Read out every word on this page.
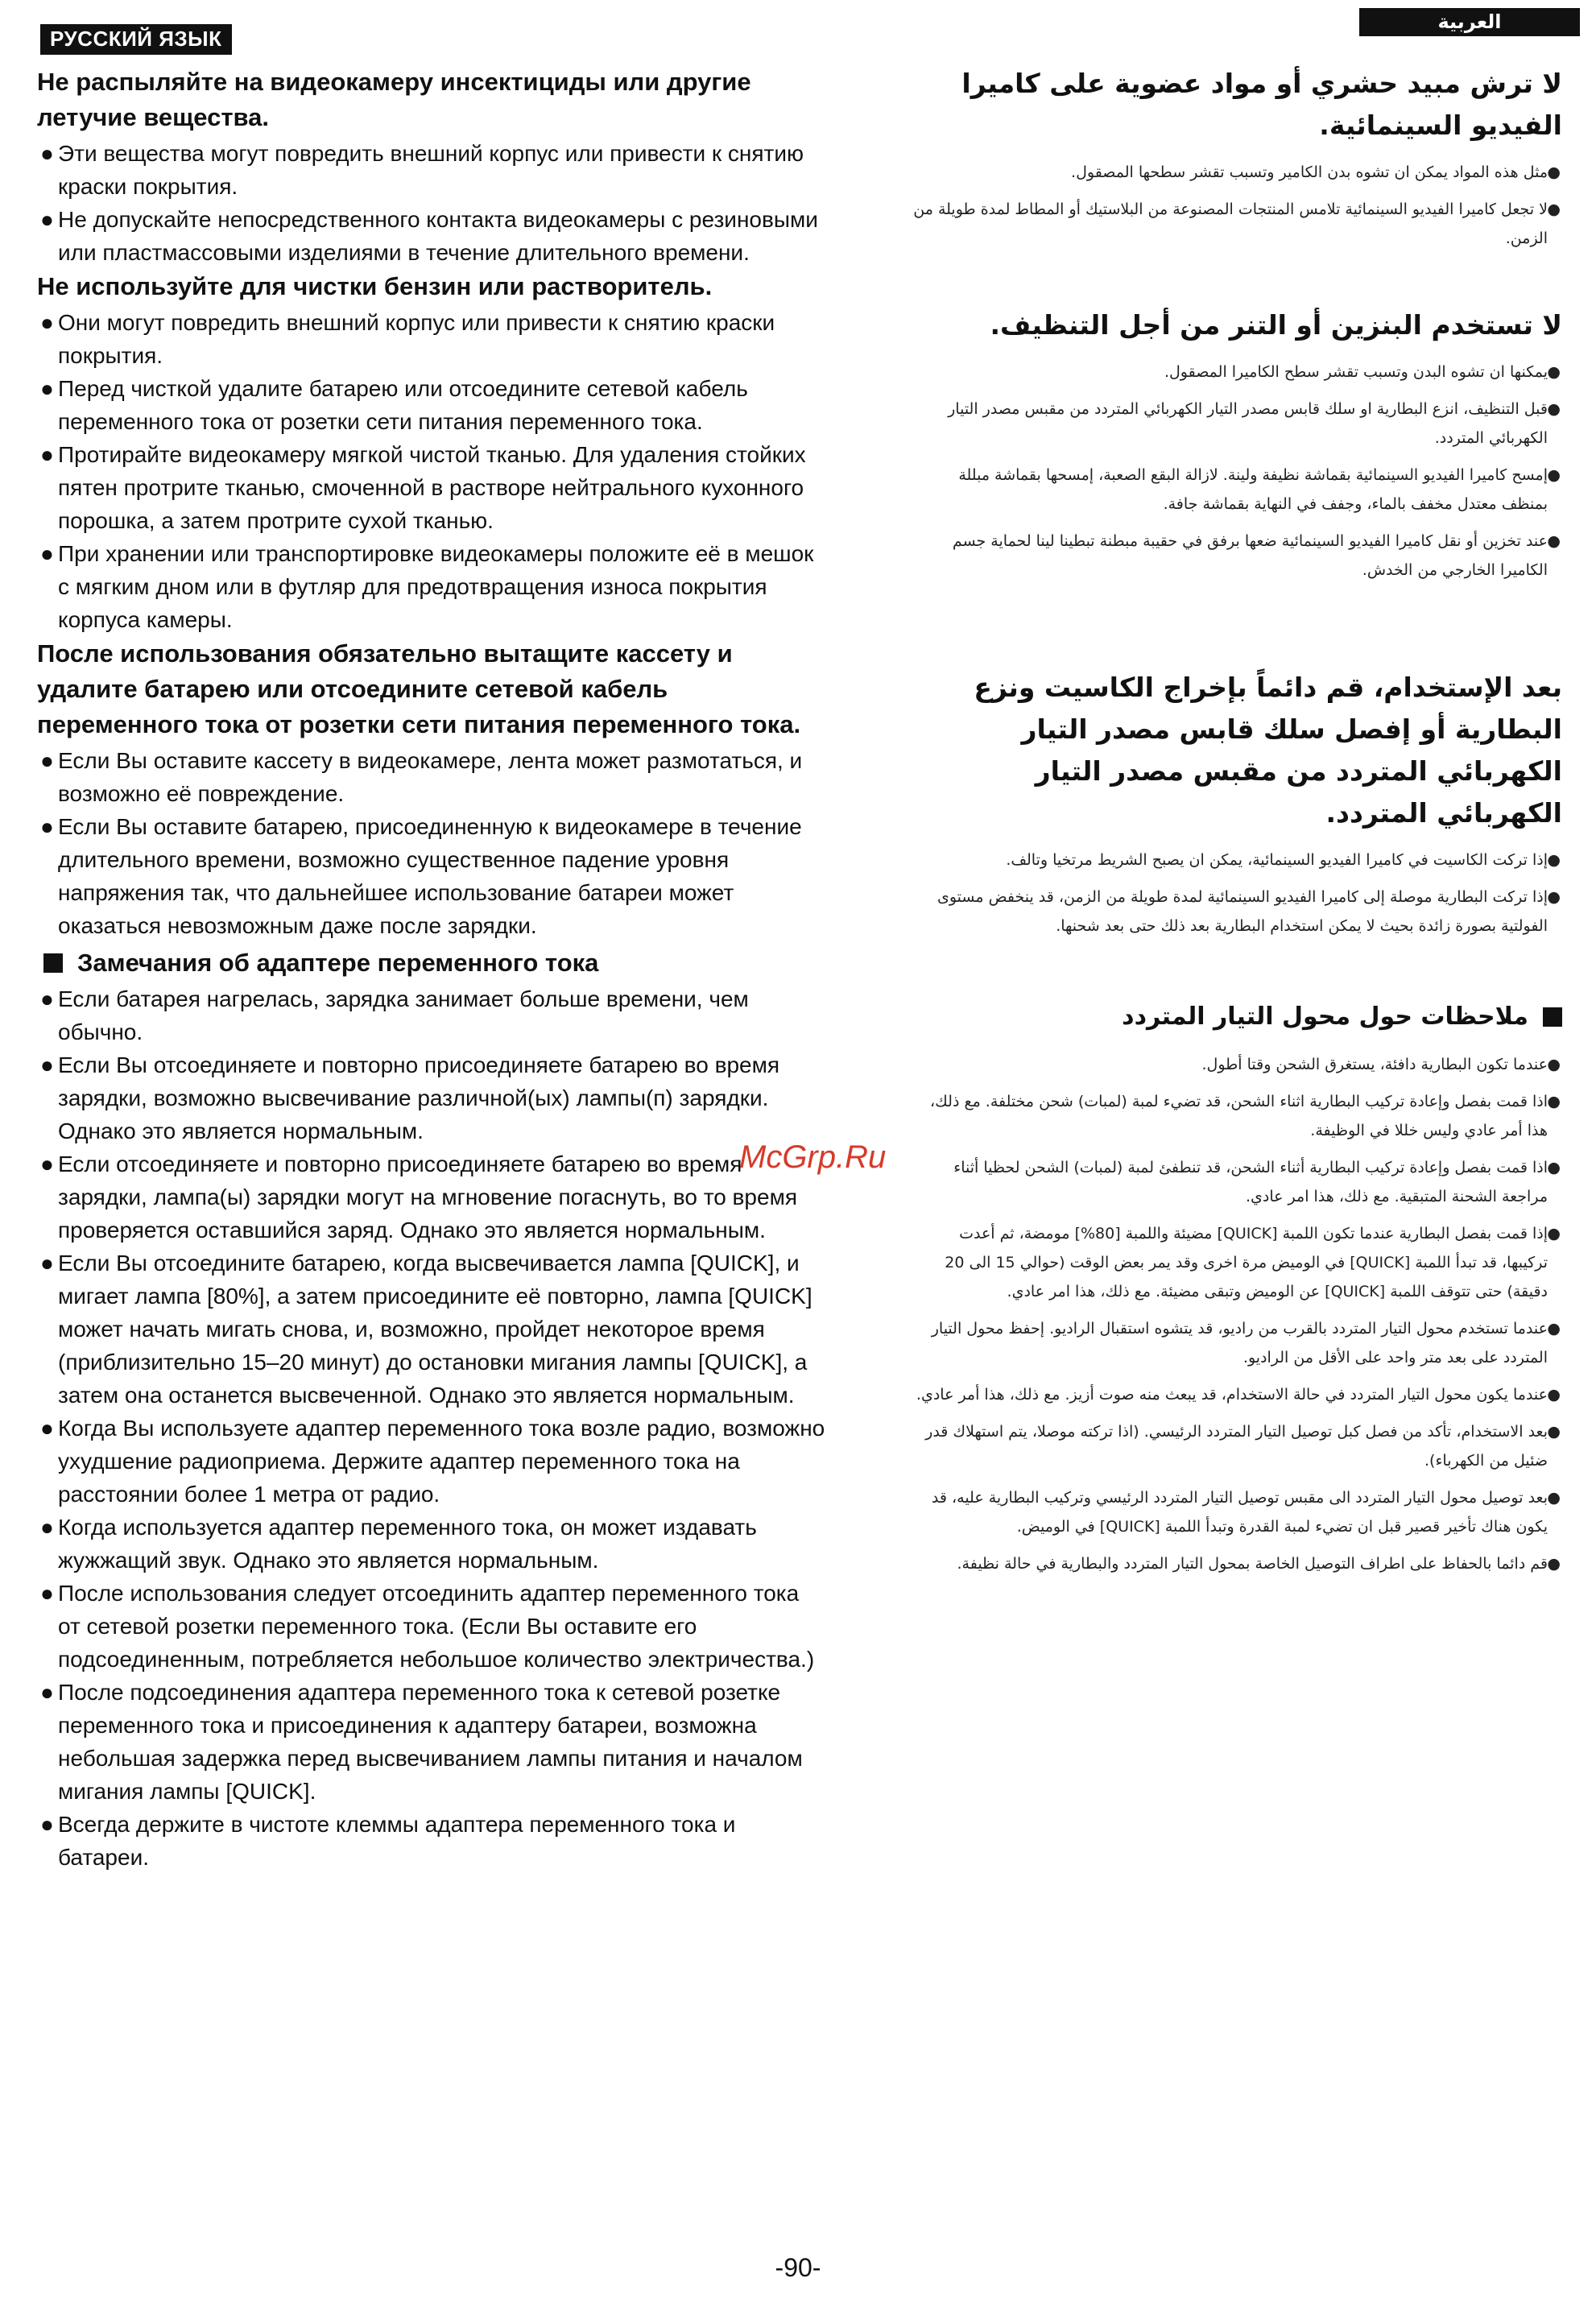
РУССКИЙ ЯЗЫК
العربية
Не распыляйте на видеокамеру инсектициды или другие летучие вещества.

● Эти вещества могут повредить внешний корпус или привести к снятию краски покрытия.

● Не допускайте непосредственного контакта видеокамеры с резиновыми или пластмассовыми изделиями в течение длительного времени.

Не используйте для чистки бензин или растворитель.

● Они могут повредить внешний корпус или привести к снятию краски покрытия.

● Перед чисткой удалите батарею или отсоедините сетевой кабель переменного тока от розетки сети питания переменного тока.

● Протирайте видеокамеру мягкой чистой тканью. Для удаления стойких пятен протрите тканью, смоченной в растворе нейтрального кухонного порошка, а затем протрите сухой тканью.

● При хранении или транспортировке видеокамеры положите её в мешок с мягким дном или в футляр для предотвращения износа покрытия корпуса камеры.

После использования обязательно вытащите кассету и удалите батарею или отсоедините сетевой кабель переменного тока от розетки сети питания переменного тока.

● Если Вы оставите кассету в видеокамере, лента может размотаться, и возможно её повреждение.

● Если Вы оставите батарею, присоединенную к видеокамере в течение длительного времени, возможно существенное падение уровня напряжения так, что дальнейшее использование батареи может оказаться невозможным даже после зарядки.

Замечания об адаптере переменного тока

● Если батарея нагрелась, зарядка занимает больше времени, чем обычно.

● Если Вы отсоединяете и повторно присоединяете батарею во время зарядки, возможно высвечивание различной(ых) лампы(п) зарядки. Однако это является нормальным.

● Если отсоединяете и повторно присоединяете батарею во время зарядки, лампа(ы) зарядки могут на мгновение погаснуть, во то время проверяется оставшийся заряд. Однако это является нормальным.

● Если Вы отсоедините батарею, когда высвечивается лампа [QUICK], и мигает лампа [80%], а затем присоедините её повторно, лампа [QUICK] может начать мигать снова, и, возможно, пройдет некоторое время (приблизительно 15–20 минут) до остановки мигания лампы [QUICK], а затем она останется высвеченной. Однако это является нормальным.

● Когда Вы используете адаптер переменного тока возле радио, возможно ухудшение радиоприема. Держите адаптер переменного тока на расстоянии более 1 метра от радио.

● Когда используется адаптер переменного тока, он может издавать жужжащий звук. Однако это является нормальным.

● После использования следует отсоединить адаптер переменного тока от сетевой розетки переменного тока. (Если Вы оставите его подсоединенным, потребляется небольшое количество электричества.)

● После подсоединения адаптера переменного тока к сетевой розетке переменного тока и присоединения к адаптеру батареи, возможна небольшая задержка перед высвечиванием лампы питания и началом мигания лампы [QUICK].

● Всегда держите в чистоте клеммы адаптера переменного тока и батареи.

لا ترش مبيد حشري أو مواد عضوية على كاميرا الفيديو السينمائية.

●مثل هذه المواد يمكن ان تشوه بدن الكامير وتسبب تقشر سطحها المصقول.

●لا تجعل كاميرا الفيديو السينمائية تلامس المنتجات المصنوعة من البلاستيك أو المطاط لمدة طويلة من الزمن.

لا تستخدم البنزين أو التنر من أجل التنظيف.

●يمكنها ان تشوه البدن وتسبب تقشر سطح الكاميرا المصقول.

●قبل التنظيف، انزع البطارية او سلك قابس مصدر التيار الكهربائي المتردد من مقبس مصدر التيار الكهربائي المتردد.

●إمسح كاميرا الفيديو السينمائية بقماشة نظيفة ولينة. لازالة البقع الصعبة، إمسحها بقماشة مبللة بمنظف معتدل مخفف بالماء، وجفف في النهاية بقماشة جافة.

●عند تخزين أو نقل كاميرا الفيديو السينمائية ضعها برفق في حقيبة مبطنة تبطينا لينا لحماية جسم الكاميرا الخارجي من الخدش.

بعد الإستخدام، قم دائماً بإخراج الكاسيت ونزع البطارية أو إفصل سلك قابس مصدر التيار الكهربائي المتردد من مقبس مصدر التيار الكهربائي المتردد.

●إذا تركت الكاسيت في كاميرا الفيديو السينمائية، يمكن ان يصبح الشريط مرتخيا وتالف.

●إذا تركت البطارية موصلة إلى كاميرا الفيديو السينمائية لمدة طويلة من الزمن، قد ينخفض مستوى الفولتية بصورة زائدة بحيث لا يمكن استخدام البطارية بعد ذلك حتى بعد شحنها.

ملاحظات حول محول التيار المتردد

●عندما تكون البطارية دافئة، يستغرق الشحن وقتا أطول.

●اذا قمت بفصل وإعادة تركيب البطارية اثناء الشحن، قد تضيء لمبة (لمبات) شحن مختلفة. مع ذلك، هذا أمر عادي وليس خللا في الوظيفة.

●اذا قمت بفصل وإعادة تركيب البطارية أثناء الشحن، قد تنطفئ لمبة (لمبات) الشحن لحظيا أثناء مراجعة الشحنة المتبقية. مع ذلك، هذا امر عادي.

●إذا قمت بفصل البطارية عندما تكون اللمبة [QUICK] مضيئة واللمبة [80%] مومضة، ثم أعدت تركيبها، قد تبدأ اللمبة [QUICK] في الوميض مرة اخرى وقد يمر بعض الوقت (حوالي 15 الى 20 دقيقة) حتى تتوقف اللمبة [QUICK] عن الوميض وتبقى مضيئة. مع ذلك، هذا امر عادي.

●عندما تستخدم محول التيار المتردد بالقرب من راديو، قد يتشوه استقبال الراديو. إحفظ محول التيار المتردد على بعد متر واحد على الأقل من الراديو.

●عندما يكون محول التيار المتردد في حالة الاستخدام، قد يبعث منه صوت أزيز. مع ذلك، هذا أمر عادي.

●بعد الاستخدام، تأكد من فصل كبل توصيل التيار المتردد الرئيسي. (اذا تركته موصلا، يتم استهلاك قدر ضئيل من الكهرباء).

●بعد توصيل محول التيار المتردد الى مقبس توصيل التيار المتردد الرئيسي وتركيب البطارية عليه، قد يكون هناك تأخير قصير قبل ان تضيء لمبة القدرة وتبدأ اللمبة [QUICK] في الوميض.

●قم دائما بالحفاظ على اطراف التوصيل الخاصة بمحول التيار المتردد والبطارية في حالة نظيفة.

McGrp.Ru
-90-
